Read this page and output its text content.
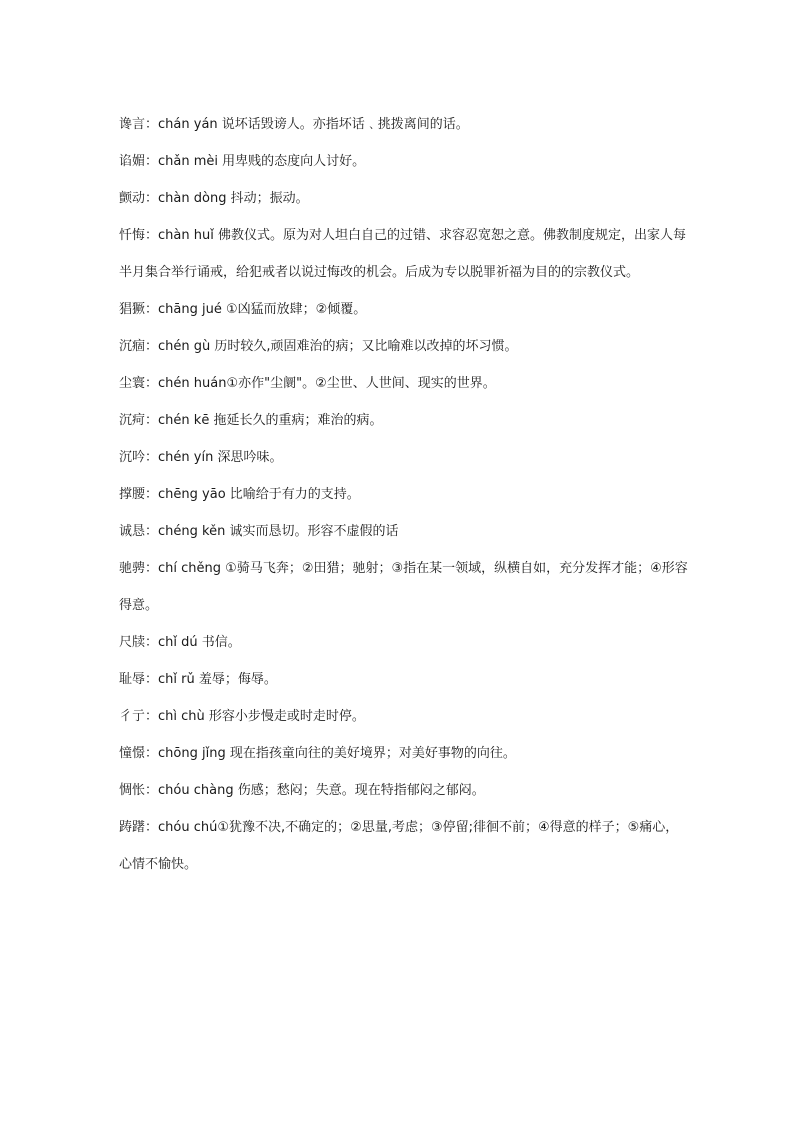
谗言：chán yán 说坏话毁谤人。亦指坏话﹑挑拨离间的话。

谄媚：chǎn mèi 用卑贱的态度向人讨好。

颤动：chàn dòng 抖动；振动。

忏悔：chàn huǐ 佛教仪式。原为对人坦白自己的过错、求容忍宽恕之意。佛教制度规定，出家人每半月集合举行诵戒，给犯戒者以说过悔改的机会。后成为专以脱罪祈福为目的的宗教仪式。

猖獗：chāng jué ①凶猛而放肆；②倾覆。

沉痼：chén gù 历时较久,顽固难治的病；又比喻难以改掉的坏习惯。

尘寰：chén huán①亦作"尘阛"。②尘世、人世间、现实的世界。

沉疴：chén kē 拖延长久的重病；难治的病。

沉吟：chén yín 深思吟味。

撑腰：chēng yāo 比喻给于有力的支持。

诚恳：chéng kěn 诚实而恳切。形容不虚假的话

驰骋：chí chěng ①骑马飞奔；②田猎；驰射；③指在某一领域，纵横自如，充分发挥才能；④形容得意。

尺牍：chǐ dú 书信。

耻辱：chǐ rǔ 羞辱；侮辱。

彳亍：chì chù 形容小步慢走或时走时停。

憧憬：chōng jǐng 现在指孩童向往的美好境界；对美好事物的向往。

惆怅：chóu chàng 伤感；愁闷；失意。现在特指郁闷之郁闷。

踌躇：chóu chú①犹豫不决,不确定的；②思量,考虑；③停留;徘徊不前；④得意的样子；⑤痛心，心情不愉快。
